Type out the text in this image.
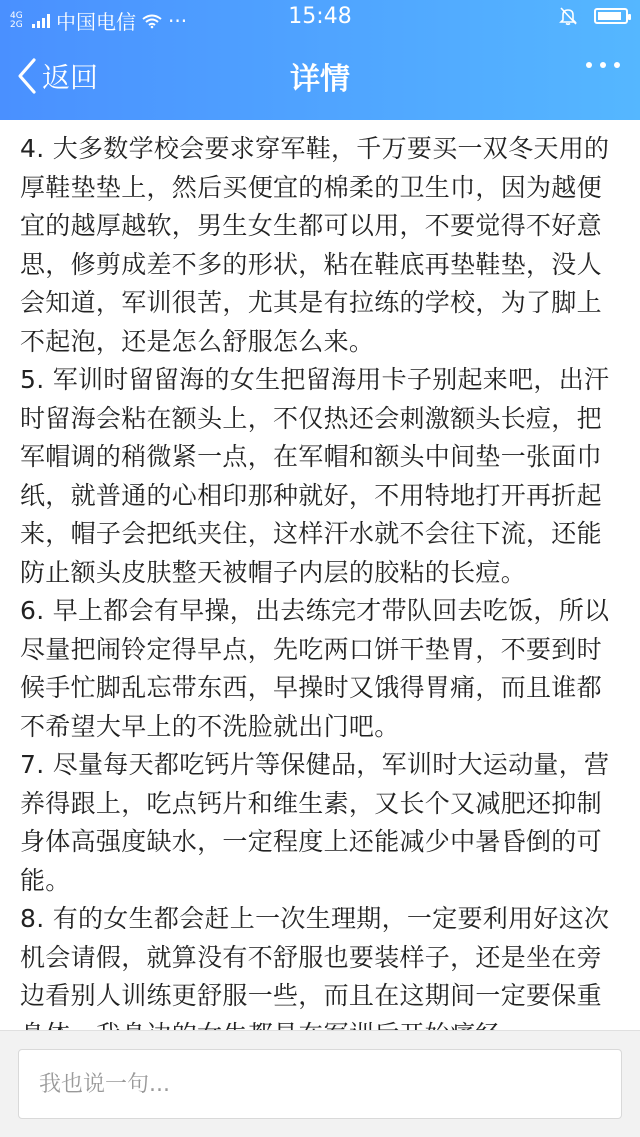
4G
2G 中国电信 ···	15:48
返回	详情

4. 大多数学校会要求穿军鞋，千万要买一双冬天用的厚鞋垫垫上，然后买便宜的棉柔的卫生巾，因为越便宜的越厚越软，男生女生都可以用，不要觉得不好意思，修剪成差不多的形状，粘在鞋底再垫鞋垫，没人会知道，军训很苦，尤其是有拉练的学校，为了脚上不起泡，还是怎么舒服怎么来。

5. 军训时留留海的女生把留海用卡子别起来吧，出汗时留海会粘在额头上，不仅热还会刺激额头长痘，把军帽调的稍微紧一点，在军帽和额头中间垫一张面巾纸，就普通的心相印那种就好，不用特地打开再折起来，帽子会把纸夹住，这样汗水就不会往下流，还能防止额头皮肤整天被帽子内层的胶粘的长痘。

6. 早上都会有早操，出去练完才带队回去吃饭，所以尽量把闹铃定得早点，先吃两口饼干垫胃，不要到时候手忙脚乱忘带东西，早操时又饿得胃痛，而且谁都不希望大早上的不洗脸就出门吧。

7. 尽量每天都吃钙片等保健品，军训时大运动量，营养得跟上，吃点钙片和维生素，又长个又减肥还抑制身体高强度缺水，一定程度上还能减少中暑昏倒的可能。

8. 有的女生都会赶上一次生理期，一定要利用好这次机会请假，就算没有不舒服也要装样子，还是坐在旁边看别人训练更舒服一些，而且在这期间一定要保重

我也说一句...
